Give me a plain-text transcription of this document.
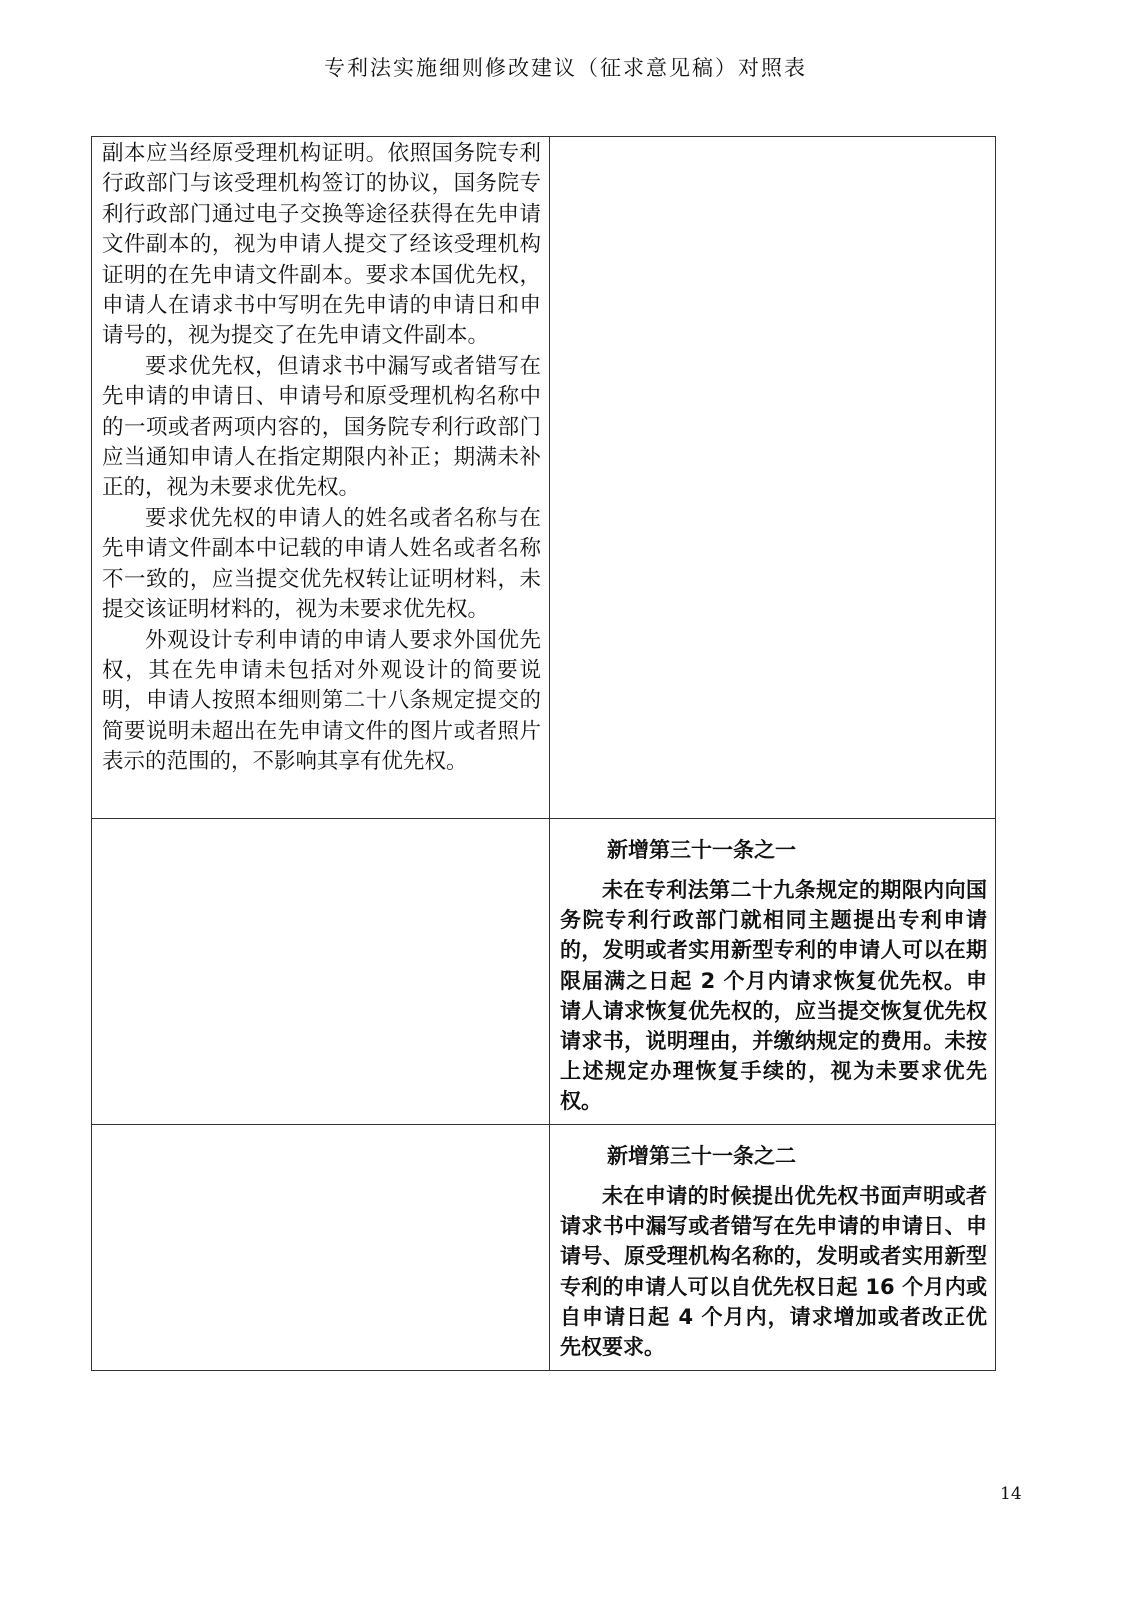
专利法实施细则修改建议（征求意见稿）对照表

副本应当经原受理机构证明。依照国务院专利行政部门与该受理机构签订的协议，国务院专利行政部门通过电子交换等途径获得在先申请文件副本的，视为申请人提交了经该受理机构证明的在先申请文件副本。要求本国优先权，申请人在请求书中写明在先申请的申请日和申请号的，视为提交了在先申请文件副本。

要求优先权，但请求书中漏写或者错写在先申请的申请日、申请号和原受理机构名称中的一项或者两项内容的，国务院专利行政部门应当通知申请人在指定期限内补正；期满未补正的，视为未要求优先权。

要求优先权的申请人的姓名或者名称与在先申请文件副本中记载的申请人姓名或者名称不一致的，应当提交优先权转让证明材料，未提交该证明材料的，视为未要求优先权。

外观设计专利申请的申请人要求外国优先权，其在先申请未包括对外观设计的简要说明，申请人按照本细则第二十八条规定提交的简要说明未超出在先申请文件的图片或者照片表示的范围的，不影响其享有优先权。	

	新增第三十一条之一

未在专利法第二十九条规定的期限内向国务院专利行政部门就相同主题提出专利申请的，发明或者实用新型专利的申请人可以在期限届满之日起 2 个月内请求恢复优先权。申请人请求恢复优先权的，应当提交恢复优先权请求书，说明理由，并缴纳规定的费用。未按上述规定办理恢复手续的，视为未要求优先权。

	新增第三十一条之二

未在申请的时候提出优先权书面声明或者请求书中漏写或者错写在先申请的申请日、申请号、原受理机构名称的，发明或者实用新型专利的申请人可以自优先权日起 16 个月内或自申请日起 4 个月内，请求增加或者改正优先权要求。

14
